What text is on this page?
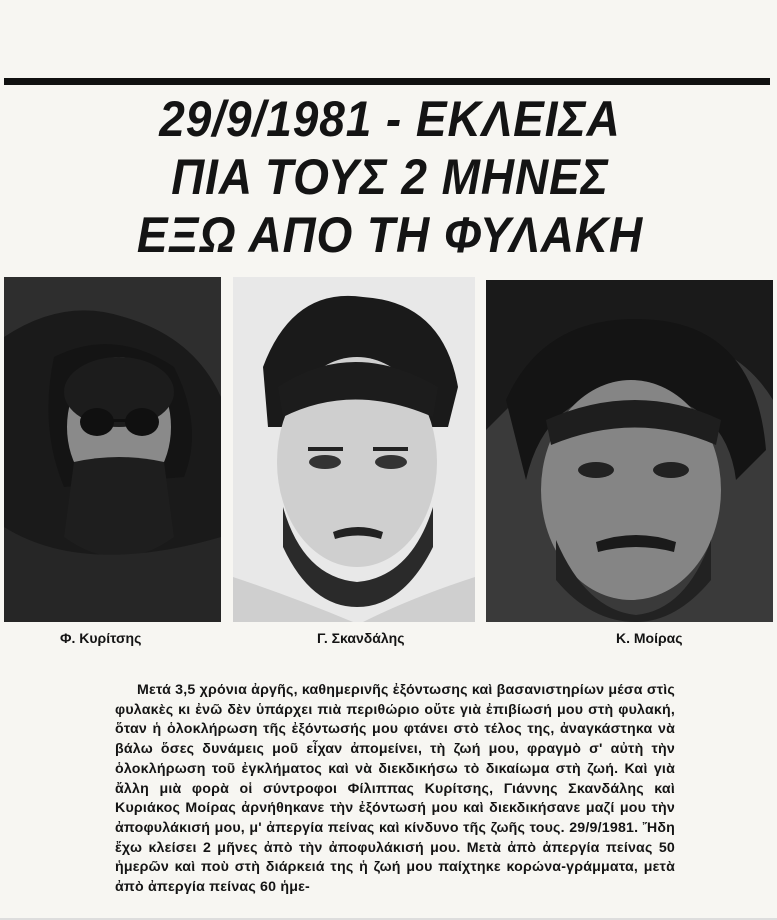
29/9/1981 - ΕΚΛΕΙΣΑ
ΠΙΑ ΤΟΥΣ 2 ΜΗΝΕΣ
ΕΞΩ ΑΠΟ ΤΗ ΦΥΛΑΚΗ
Φ. Κυρίτσης	Γ. Σκανδάλης	Κ. Μοίρας
Μετά 3,5 χρόνια ἀργῆς, καθημερινῆς ἐξόντωσης καὶ βασανιστηρίων μέσα στὶς φυλακὲς κι ἐνῶ δὲν ὑπάρχει πιὰ περιθώριο οὔτε γιὰ ἐπιβίωσή μου στὴ φυλακή, ὅταν ἡ ὁλοκλήρωση τῆς ἐξόντωσής μου φτάνει στὸ τέλος της, ἀναγκάστηκα νὰ βάλω ὅσες δυνάμεις μοῦ εἶχαν ἀπομείνει, τὴ ζωή μου, φραγμὸ σ' αὐτὴ τὴν ὁλοκλήρωση τοῦ ἐγκλήματος καὶ νὰ διεκδικήσω τὸ δικαίωμα στὴ ζωή. Καὶ γιὰ ἄλλη μιὰ φορὰ οἱ σύντροφοι Φίλιππας Κυρίτσης, Γιάννης Σκανδάλης καὶ Κυριάκος Μοίρας ἀρνήθηκανε τὴν ἐξόντωσή μου καὶ διεκδικήσανε μαζί μου τὴν ἀποφυλάκισή μου, μ' ἀπεργία πείνας καὶ κίνδυνο τῆς ζωῆς τους. 29/9/1981. Ἤδη ἔχω κλείσει 2 μῆνες ἀπὸ τὴν ἀποφυλάκισή μου. Μετὰ ἀπὸ ἀπεργία πείνας 50 ἡμερῶν καὶ ποὺ στὴ διάρκειά της ἡ ζωή μου παίχτηκε κορώνα-γράμματα, μετὰ ἀπὸ ἀπεργία πείνας 60 ἡμε-
